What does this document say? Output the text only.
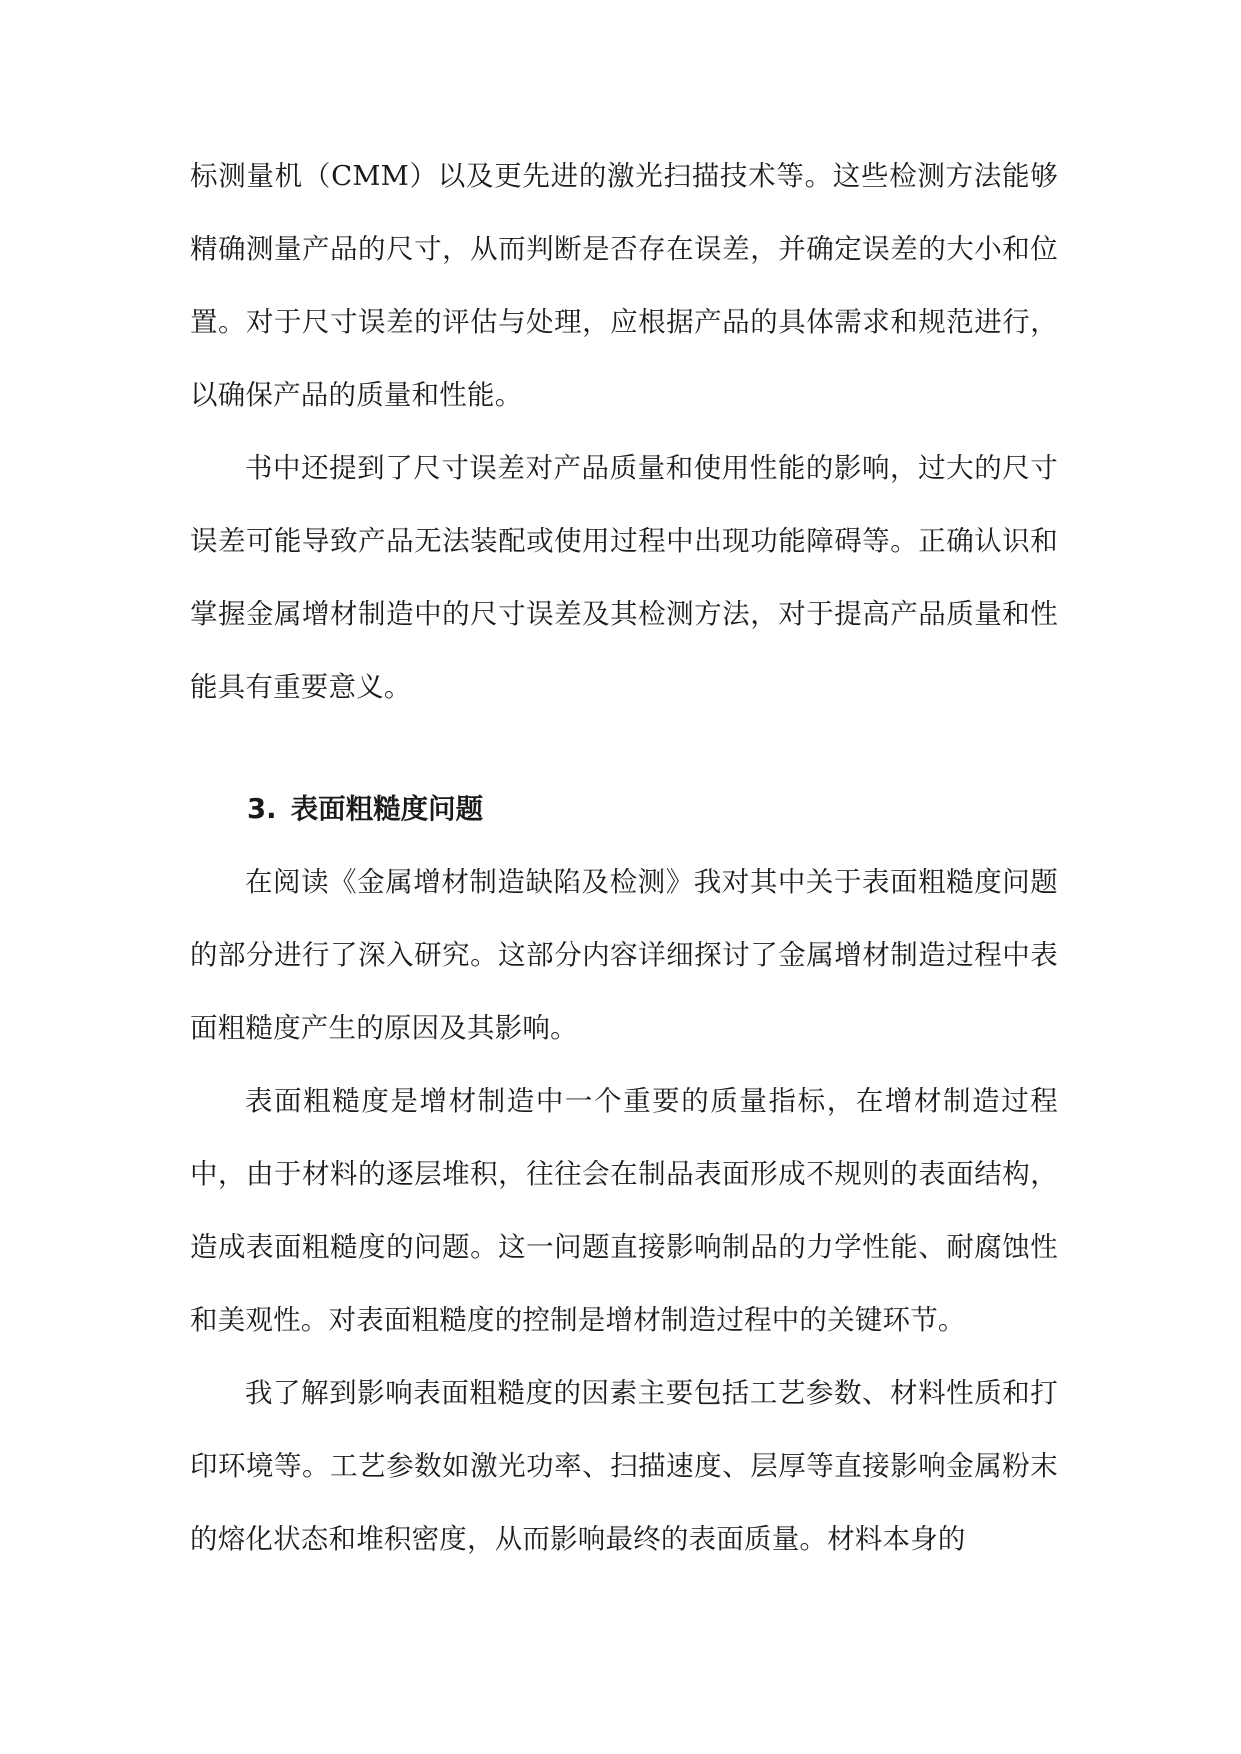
标测量机（CMM）以及更先进的激光扫描技术等。这些检测方法能够精确测量产品的尺寸，从而判断是否存在误差，并确定误差的大小和位置。对于尺寸误差的评估与处理，应根据产品的具体需求和规范进行，以确保产品的质量和性能。

书中还提到了尺寸误差对产品质量和使用性能的影响，过大的尺寸误差可能导致产品无法装配或使用过程中出现功能障碍等。正确认识和掌握金属增材制造中的尺寸误差及其检测方法，对于提高产品质量和性能具有重要意义。

3. 表面粗糙度问题

在阅读《金属增材制造缺陷及检测》我对其中关于表面粗糙度问题的部分进行了深入研究。这部分内容详细探讨了金属增材制造过程中表面粗糙度产生的原因及其影响。

表面粗糙度是增材制造中一个重要的质量指标，在增材制造过程中，由于材料的逐层堆积，往往会在制品表面形成不规则的表面结构，造成表面粗糙度的问题。这一问题直接影响制品的力学性能、耐腐蚀性和美观性。对表面粗糙度的控制是增材制造过程中的关键环节。

我了解到影响表面粗糙度的因素主要包括工艺参数、材料性质和打印环境等。工艺参数如激光功率、扫描速度、层厚等直接影响金属粉末的熔化状态和堆积密度，从而影响最终的表面质量。材料本身的
